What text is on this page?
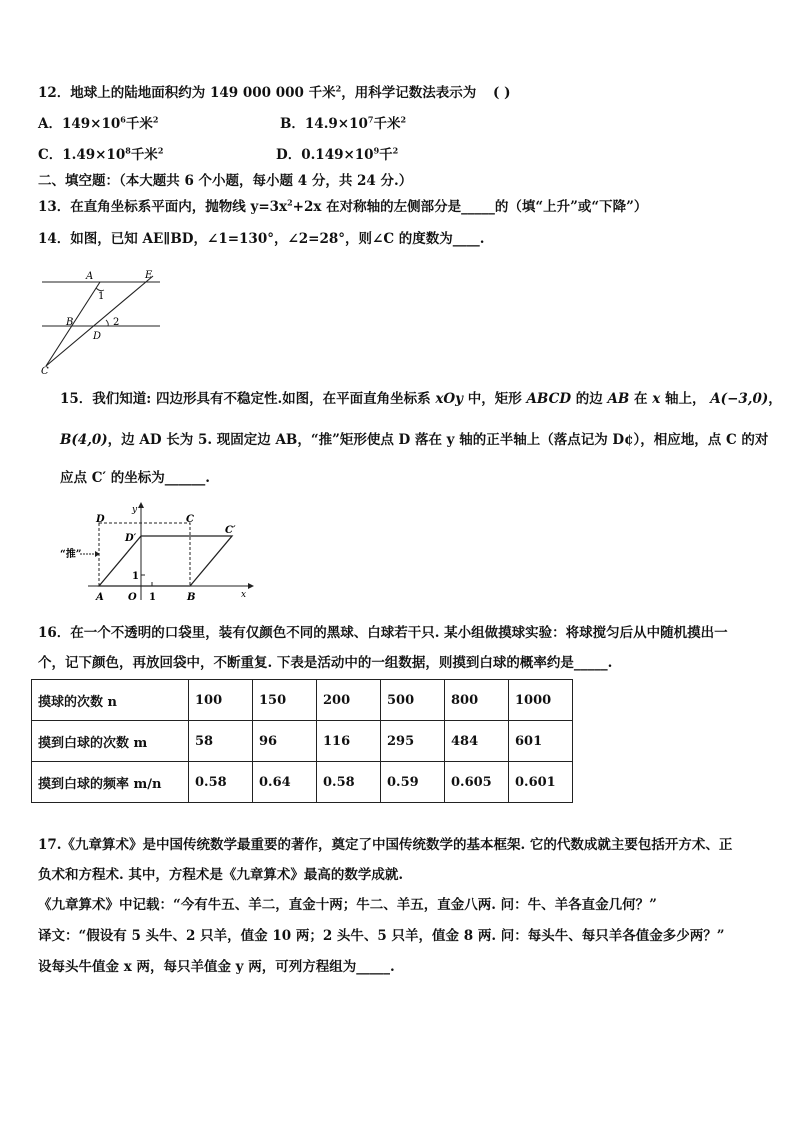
12．地球上的陆地面积约为 149 000 000 千米$^2$，用科学记数法表示为 ( )
A．$149\times 10^6$千米$^2$	B．$14.9\times 10^7$千米$^2$
C．$1.49\times 10^8$千米$^2$	D．$0.149\times 10^9$千$^2$
二、填空题：（本大题共 6 个小题，每小题 4 分，共 24 分.）
13．在直角坐标系平面内，抛物线 $y=3x^2+2x$ 在对称轴的左侧部分是_____的（填“上升”或“下降”）
14．如图，已知 AE∥BD，∠1=130°，∠2=28°，则∠C 的度数为____.
A	E
1
B	2
D
C
15．我们知道: 四边形具有不稳定性.如图，在平面直角坐标系 xOy 中，矩形 ABCD 的边 AB 在 x 轴上， A(−3,0)，
B(4,0)，边 AD 长为 5. 现固定边 AB，“推”矩形使点 D 落在 y 轴的正半轴上（落点记为 D¢），相应地，点 C 的对
应点 C′ 的坐标为______.
“推”
D	C
D′
C′
y
x
1
A O 1	B
16．在一个不透明的口袋里，装有仅颜色不同的黑球、白球若干只. 某小组做摸球实验：将球搅匀后从中随机摸出一
个，记下颜色，再放回袋中，不断重复. 下表是活动中的一组数据，则摸到白球的概率约是_____.
摸球的次数 n	100	150	200	500	800	1000
摸到白球的次数 m	58	96	116	295	484	601
摸到白球的频率 m/n	0.58	0.64	0.58	0.59	0.605	0.601
17.《九章算术》是中国传统数学最重要的著作，奠定了中国传统数学的基本框架. 它的代数成就主要包括开方术、正
负术和方程术. 其中，方程术是《九章算术》最高的数学成就.
《九章算术》中记载：“今有牛五、羊二，直金十两；牛二、羊五，直金八两. 问：牛、羊各直金几何？”
译文：“假设有 5 头牛、2 只羊，值金 10 两；2 头牛、5 只羊，值金 8 两. 问：每头牛、每只羊各值金多少两？”
设每头牛值金 x 两，每只羊值金 y 两，可列方程组为_____.
